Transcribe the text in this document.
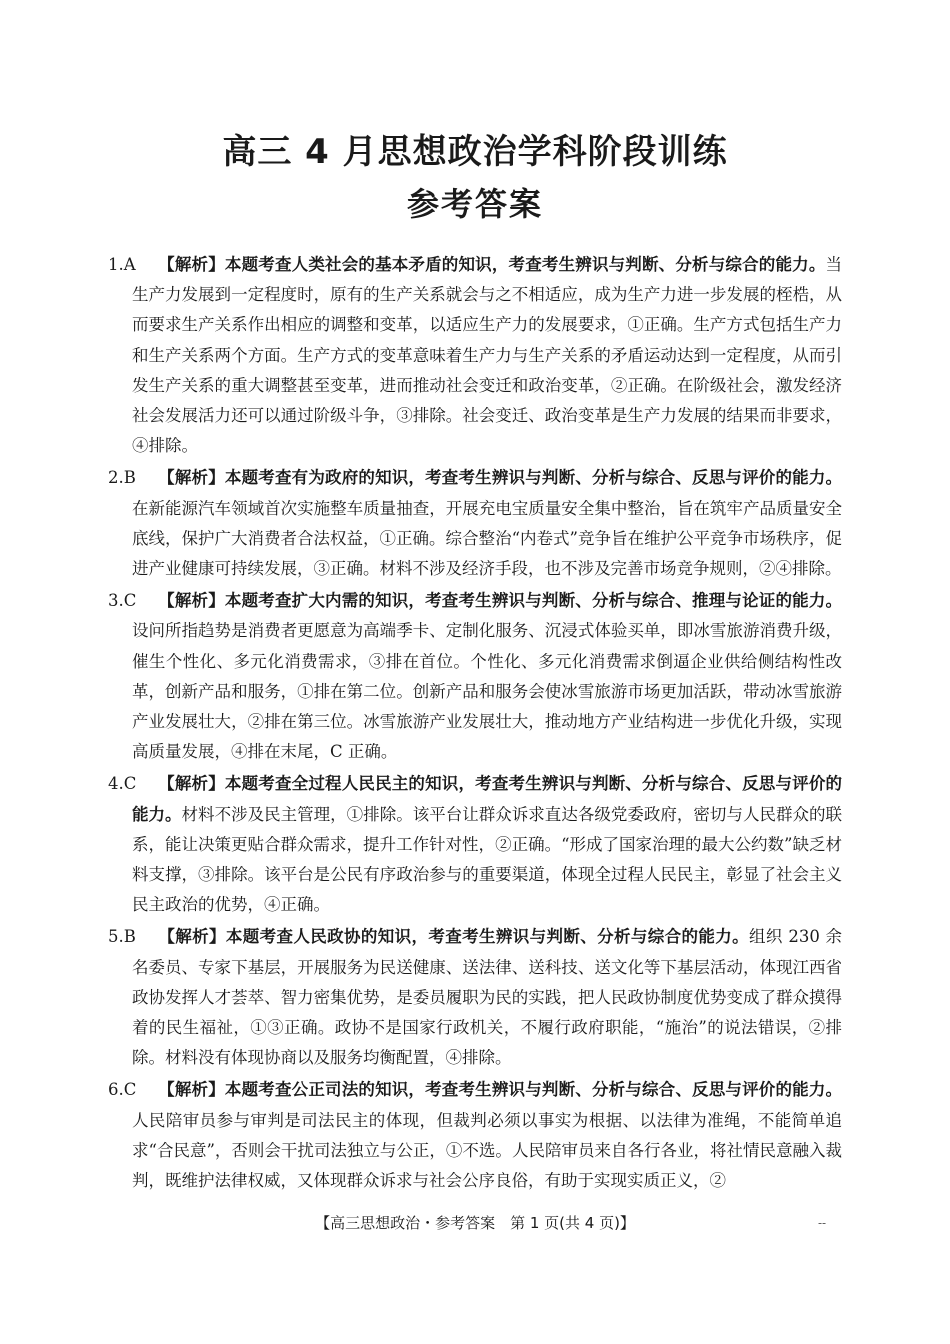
高三 4 月思想政治学科阶段训练
参考答案
1.A	【解析】本题考查人类社会的基本矛盾的知识，考查考生辨识与判断、分析与综合的能力。当生产力发展到一定程度时，原有的生产关系就会与之不相适应，成为生产力进一步发展的桎梏，从而要求生产关系作出相应的调整和变革，以适应生产力的发展要求，①正确。生产方式包括生产力和生产关系两个方面。生产方式的变革意味着生产力与生产关系的矛盾运动达到一定程度，从而引发生产关系的重大调整甚至变革，进而推动社会变迁和政治变革，②正确。在阶级社会，激发经济社会发展活力还可以通过阶级斗争，③排除。社会变迁、政治变革是生产力发展的结果而非要求，④排除。
2.B	【解析】本题考查有为政府的知识，考查考生辨识与判断、分析与综合、反思与评价的能力。在新能源汽车领域首次实施整车质量抽查，开展充电宝质量安全集中整治，旨在筑牢产品质量安全底线，保护广大消费者合法权益，①正确。综合整治“内卷式”竞争旨在维护公平竞争市场秩序，促进产业健康可持续发展，③正确。材料不涉及经济手段，也不涉及完善市场竞争规则，②④排除。
3.C	【解析】本题考查扩大内需的知识，考查考生辨识与判断、分析与综合、推理与论证的能力。设问所指趋势是消费者更愿意为高端季卡、定制化服务、沉浸式体验买单，即冰雪旅游消费升级，催生个性化、多元化消费需求，③排在首位。个性化、多元化消费需求倒逼企业供给侧结构性改革，创新产品和服务，①排在第二位。创新产品和服务会使冰雪旅游市场更加活跃，带动冰雪旅游产业发展壮大，②排在第三位。冰雪旅游产业发展壮大，推动地方产业结构进一步优化升级，实现高质量发展，④排在末尾，C 正确。
4.C	【解析】本题考查全过程人民民主的知识，考查考生辨识与判断、分析与综合、反思与评价的能力。材料不涉及民主管理，①排除。该平台让群众诉求直达各级党委政府，密切与人民群众的联系，能让决策更贴合群众需求，提升工作针对性，②正确。“形成了国家治理的最大公约数”缺乏材料支撑，③排除。该平台是公民有序政治参与的重要渠道，体现全过程人民民主，彰显了社会主义民主政治的优势，④正确。
5.B	【解析】本题考查人民政协的知识，考查考生辨识与判断、分析与综合的能力。组织 230 余名委员、专家下基层，开展服务为民送健康、送法律、送科技、送文化等下基层活动，体现江西省政协发挥人才荟萃、智力密集优势，是委员履职为民的实践，把人民政协制度优势变成了群众摸得着的民生福祉，①③正确。政协不是国家行政机关，不履行政府职能，“施治”的说法错误，②排除。材料没有体现协商以及服务均衡配置，④排除。
6.C	【解析】本题考查公正司法的知识，考查考生辨识与判断、分析与综合、反思与评价的能力。人民陪审员参与审判是司法民主的体现，但裁判必须以事实为根据、以法律为准绳，不能简单追求“合民意”，否则会干扰司法独立与公正，①不选。人民陪审员来自各行各业，将社情民意融入裁判，既维护法律权威，又体现群众诉求与社会公序良俗，有助于实现实质正义，②
【高三思想政治・参考答案　第 1 页(共 4 页)】	--
